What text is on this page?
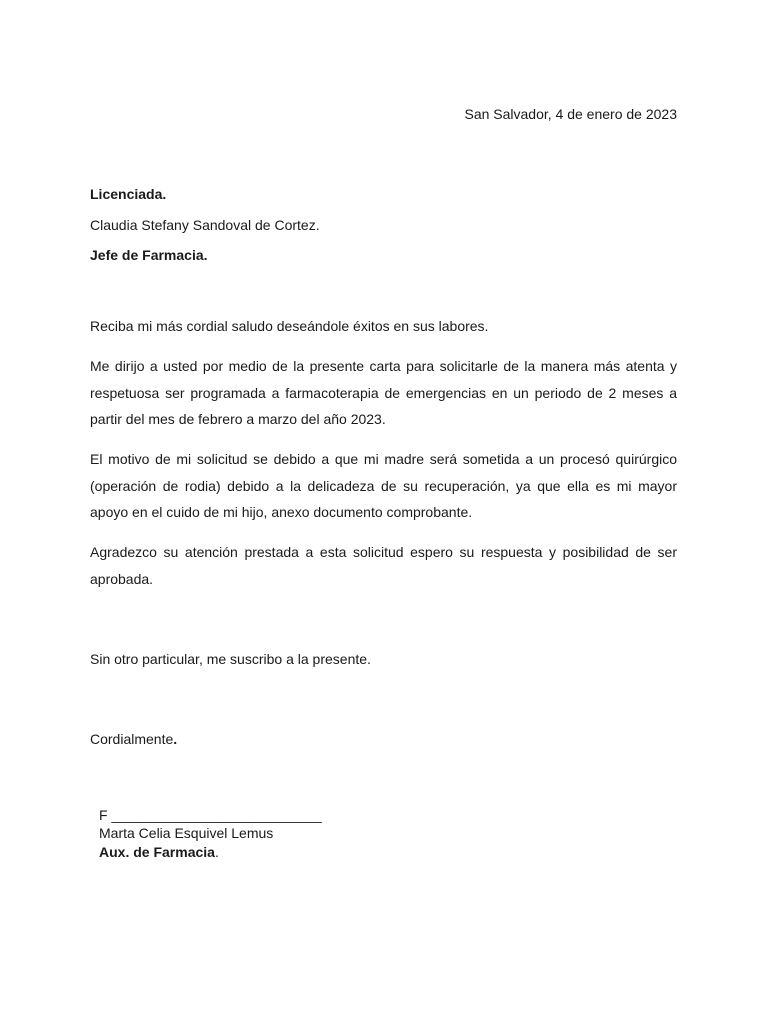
San Salvador, 4 de enero de 2023
Licenciada.
Claudia Stefany Sandoval de Cortez.
Jefe de Farmacia.
Reciba mi más cordial saludo deseándole éxitos en sus labores.
Me dirijo a usted por medio de la presente carta para solicitarle de la manera más atenta y respetuosa ser programada a farmacoterapia de emergencias en un periodo de 2 meses a partir del mes de febrero a marzo del año 2023.
El motivo de mi solicitud se debido a que mi madre será sometida a un procesó quirúrgico (operación de rodia) debido a la delicadeza de su recuperación, ya que ella es mi mayor apoyo en el cuido de mi hijo, anexo documento comprobante.
Agradezco su atención prestada a esta solicitud espero su respuesta y posibilidad de ser aprobada.
Sin otro particular, me suscribo a la presente.
Cordialmente.
F ___________________________
Marta Celia Esquivel Lemus
Aux. de Farmacia.
